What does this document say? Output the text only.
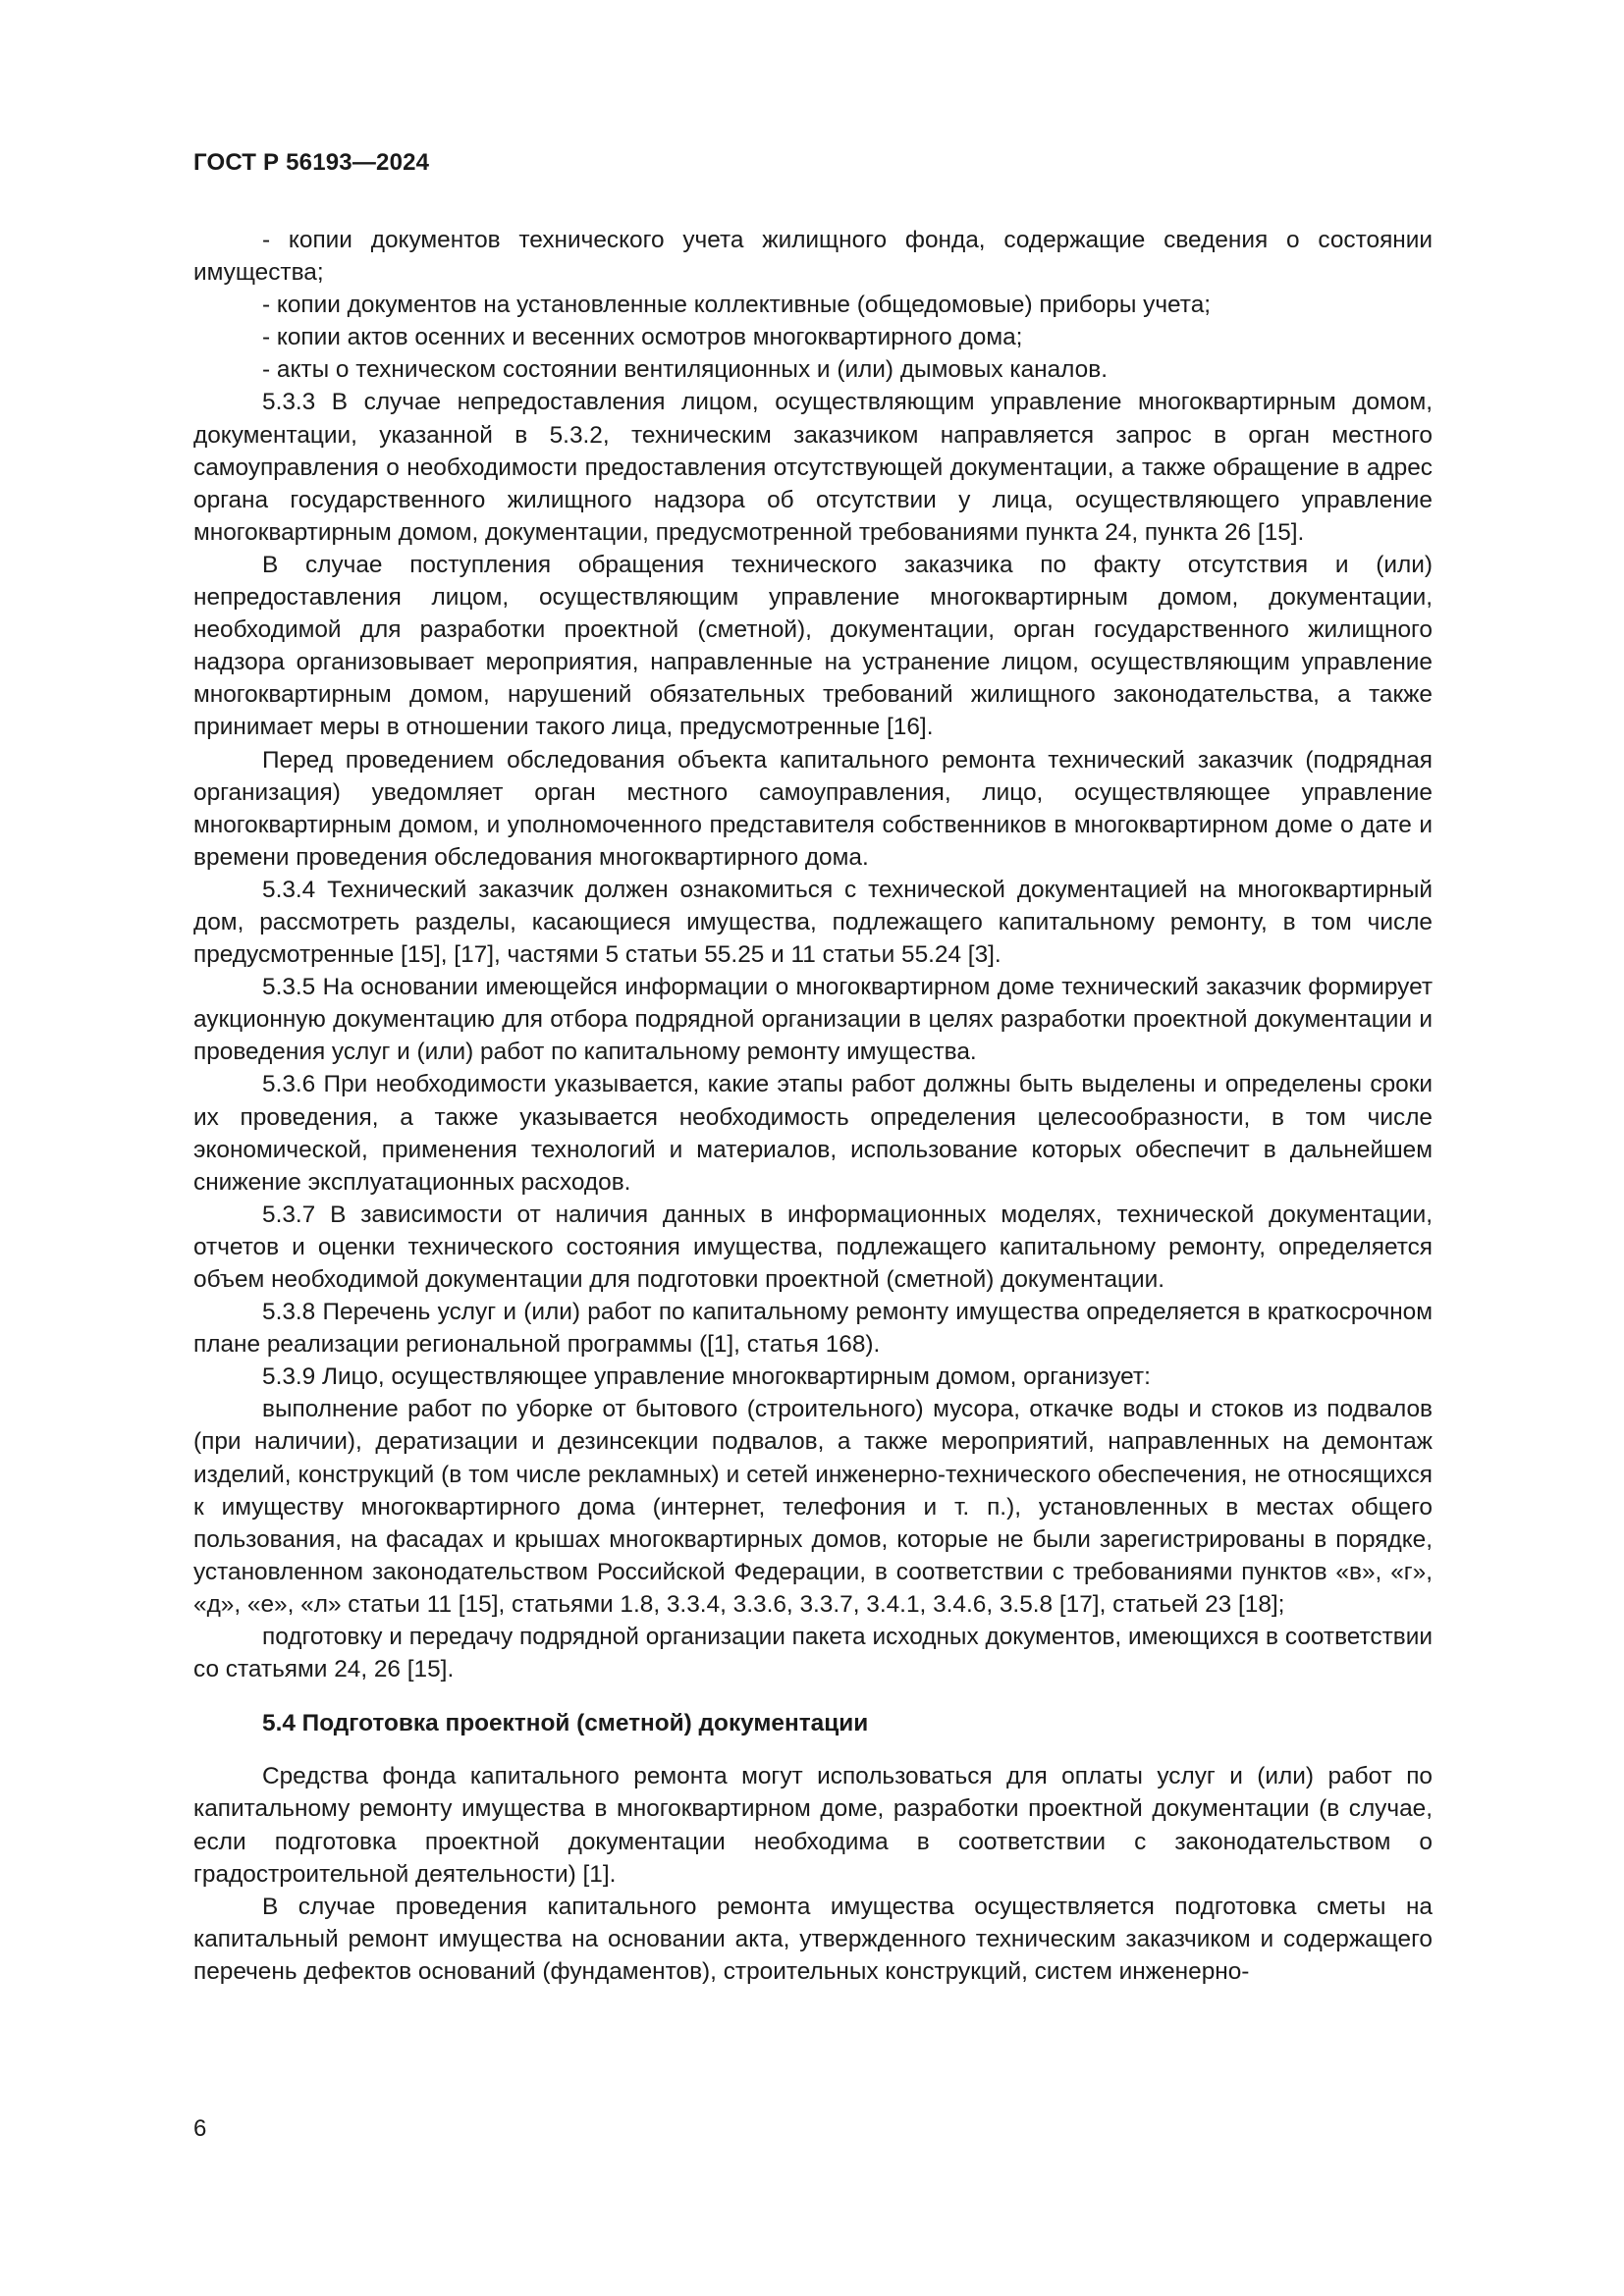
ГОСТ Р 56193—2024

- копии документов технического учета жилищного фонда, содержащие сведения о состоянии имущества;

- копии документов на установленные коллективные (общедомовые) приборы учета;

- копии актов осенних и весенних осмотров многоквартирного дома;

- акты о техническом состоянии вентиляционных и (или) дымовых каналов.

5.3.3 В случае непредоставления лицом, осуществляющим управление многоквартирным домом, документации, указанной в 5.3.2, техническим заказчиком направляется запрос в орган местного самоуправления о необходимости предоставления отсутствующей документации, а также обращение в адрес органа государственного жилищного надзора об отсутствии у лица, осуществляющего управление многоквартирным домом, документации, предусмотренной требованиями пункта 24, пункта 26 [15].

В случае поступления обращения технического заказчика по факту отсутствия и (или) непредоставления лицом, осуществляющим управление многоквартирным домом, документации, необходимой для разработки проектной (сметной), документации, орган государственного жилищного надзора организовывает мероприятия, направленные на устранение лицом, осуществляющим управление многоквартирным домом, нарушений обязательных требований жилищного законодательства, а также принимает меры в отношении такого лица, предусмотренные [16].

Перед проведением обследования объекта капитального ремонта технический заказчик (подрядная организация) уведомляет орган местного самоуправления, лицо, осуществляющее управление многоквартирным домом, и уполномоченного представителя собственников в многоквартирном доме о дате и времени проведения обследования многоквартирного дома.

5.3.4 Технический заказчик должен ознакомиться с технической документацией на многоквартирный дом, рассмотреть разделы, касающиеся имущества, подлежащего капитальному ремонту, в том числе предусмотренные [15], [17], частями 5 статьи 55.25 и 11 статьи 55.24 [3].

5.3.5 На основании имеющейся информации о многоквартирном доме технический заказчик формирует аукционную документацию для отбора подрядной организации в целях разработки проектной документации и проведения услуг и (или) работ по капитальному ремонту имущества.

5.3.6 При необходимости указывается, какие этапы работ должны быть выделены и определены сроки их проведения, а также указывается необходимость определения целесообразности, в том числе экономической, применения технологий и материалов, использование которых обеспечит в дальнейшем снижение эксплуатационных расходов.

5.3.7 В зависимости от наличия данных в информационных моделях, технической документации, отчетов и оценки технического состояния имущества, подлежащего капитальному ремонту, определяется объем необходимой документации для подготовки проектной (сметной) документации.

5.3.8 Перечень услуг и (или) работ по капитальному ремонту имущества определяется в краткосрочном плане реализации региональной программы ([1], статья 168).

5.3.9 Лицо, осуществляющее управление многоквартирным домом, организует:

выполнение работ по уборке от бытового (строительного) мусора, откачке воды и стоков из подвалов (при наличии), дератизации и дезинсекции подвалов, а также мероприятий, направленных на демонтаж изделий, конструкций (в том числе рекламных) и сетей инженерно-технического обеспечения, не относящихся к имуществу многоквартирного дома (интернет, телефония и т. п.), установленных в местах общего пользования, на фасадах и крышах многоквартирных домов, которые не были зарегистрированы в порядке, установленном законодательством Российской Федерации, в соответствии с требованиями пунктов «в», «г», «д», «е», «л» статьи 11 [15], статьями 1.8, 3.3.4, 3.3.6, 3.3.7, 3.4.1, 3.4.6, 3.5.8 [17], статьей 23 [18];

подготовку и передачу подрядной организации пакета исходных документов, имеющихся в соответствии со статьями 24, 26 [15].

5.4 Подготовка проектной (сметной) документации

Средства фонда капитального ремонта могут использоваться для оплаты услуг и (или) работ по капитальному ремонту имущества в многоквартирном доме, разработки проектной документации (в случае, если подготовка проектной документации необходима в соответствии с законодательством о градостроительной деятельности) [1].

В случае проведения капитального ремонта имущества осуществляется подготовка сметы на капитальный ремонт имущества на основании акта, утвержденного техническим заказчиком и содержащего перечень дефектов оснований (фундаментов), строительных конструкций, систем инженерно-

6
